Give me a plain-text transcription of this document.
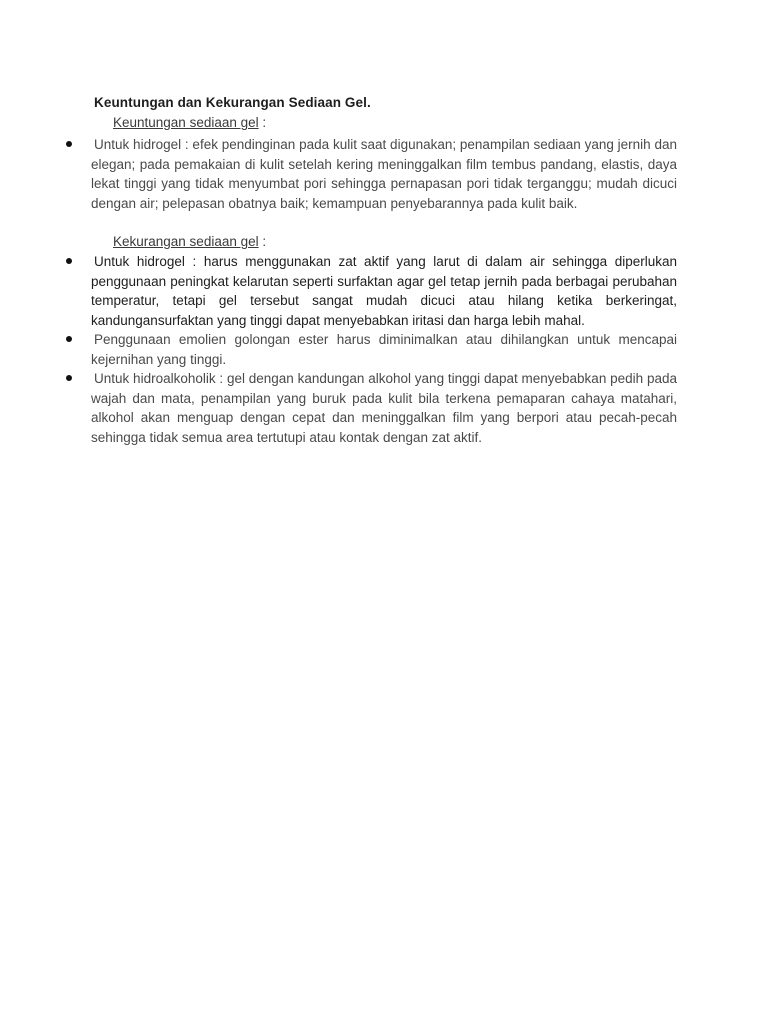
Keuntungan dan Kekurangan Sediaan Gel.
Keuntungan sediaan gel :
Untuk hidrogel : efek pendinginan pada kulit saat digunakan; penampilan sediaan yang jernih dan elegan; pada pemakaian di kulit setelah kering meninggalkan film tembus pandang, elastis, daya lekat tinggi yang tidak menyumbat pori sehingga pernapasan pori tidak terganggu; mudah dicuci dengan air; pelepasan obatnya baik; kemampuan penyebarannya pada kulit baik.
Kekurangan sediaan gel :
Untuk hidrogel : harus menggunakan zat aktif yang larut di dalam air sehingga diperlukan penggunaan peningkat kelarutan seperti surfaktan agar gel tetap jernih pada berbagai perubahan temperatur, tetapi gel tersebut sangat mudah dicuci atau hilang ketika berkeringat, kandungansurfaktan yang tinggi dapat menyebabkan iritasi dan harga lebih mahal.
Penggunaan emolien golongan ester harus diminimalkan atau dihilangkan untuk mencapai kejernihan yang tinggi.
Untuk hidroalkoholik : gel dengan kandungan alkohol yang tinggi dapat menyebabkan pedih pada wajah dan mata, penampilan yang buruk pada kulit bila terkena pemaparan cahaya matahari, alkohol akan menguap dengan cepat dan meninggalkan film yang berpori atau pecah-pecah sehingga tidak semua area tertutupi atau kontak dengan zat aktif.
